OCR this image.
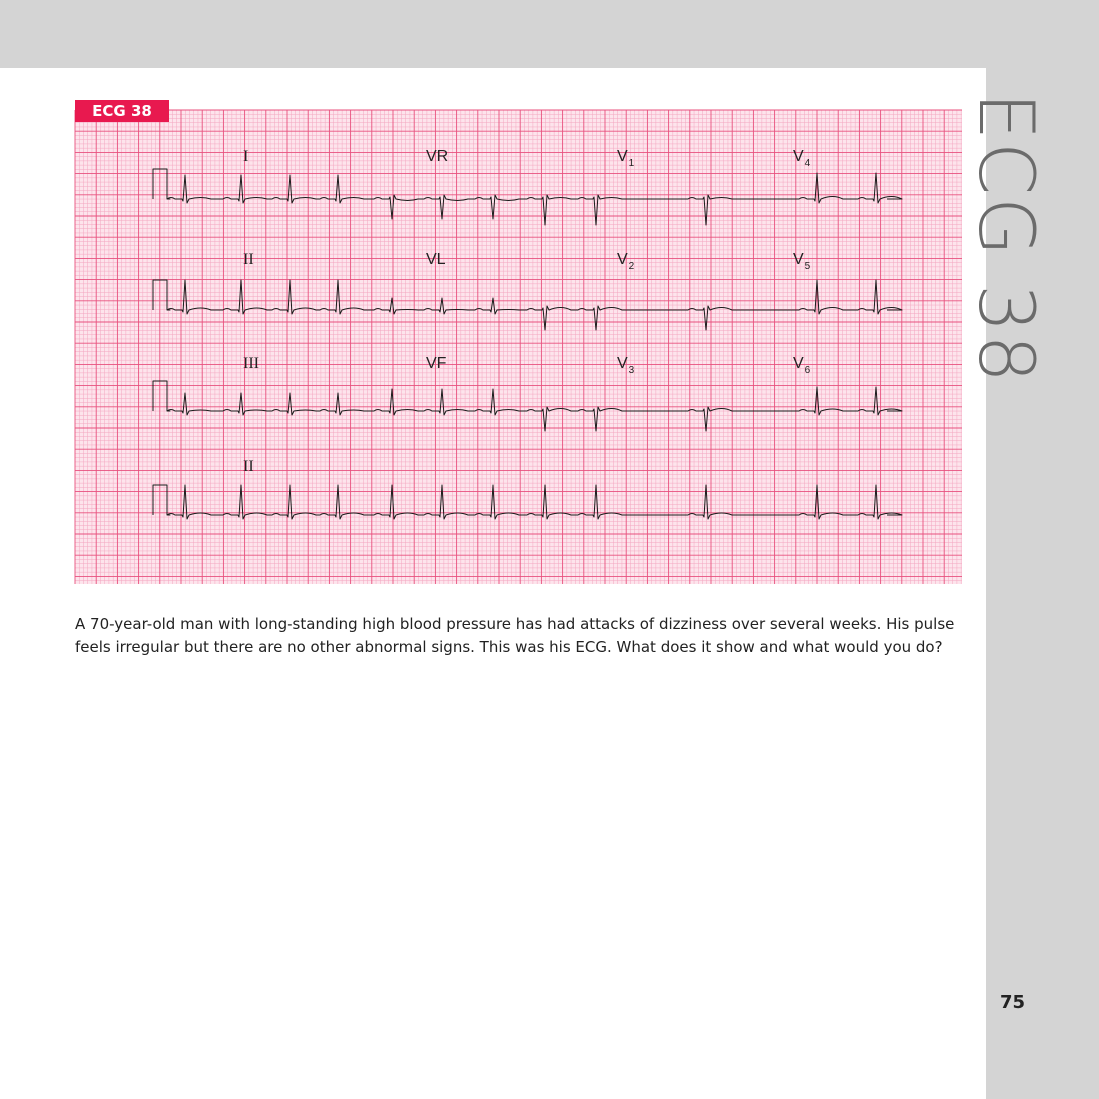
ECG 38
I	VR	$V_1$	$V_4$
II	VL	$V_2$	$V_5$
III	VF	$V_3$	$V_6$
II
ECG 38

A 70-year-old man with long-standing high blood pressure has had attacks of dizziness over several weeks. His pulse feels irregular but there are no other abnormal signs. This was his ECG. What does it show and what would you do?

75
